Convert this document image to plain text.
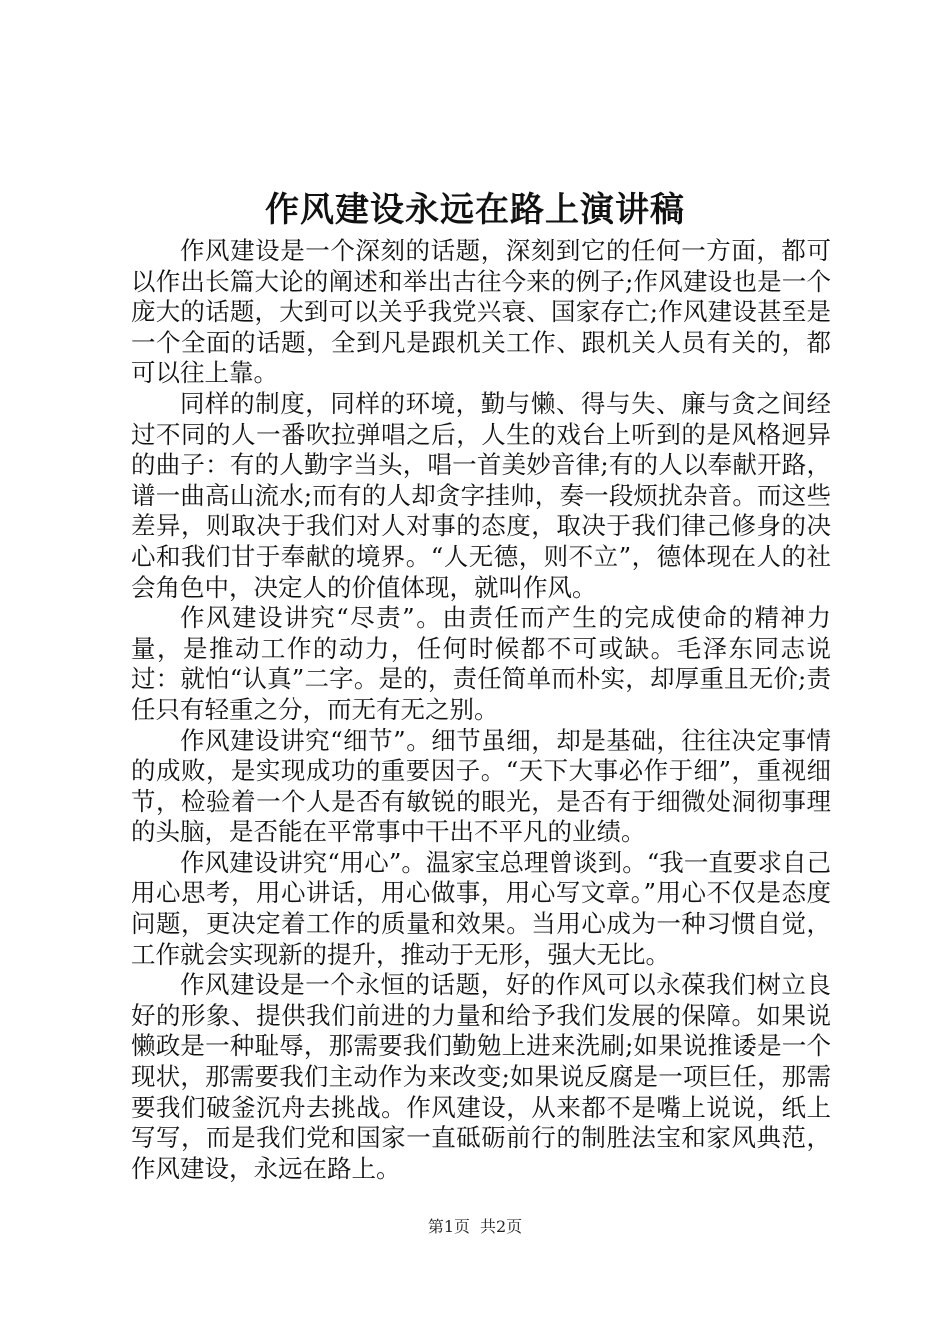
作风建设永远在路上演讲稿

作风建设是一个深刻的话题，深刻到它的任何一方面，都可以作出长篇大论的阐述和举出古往今来的例子;作风建设也是一个庞大的话题，大到可以关乎我党兴衰、国家存亡;作风建设甚至是一个全面的话题，全到凡是跟机关工作、跟机关人员有关的，都可以往上靠。

同样的制度，同样的环境，勤与懒、得与失、廉与贪之间经过不同的人一番吹拉弹唱之后，人生的戏台上听到的是风格迥异的曲子：有的人勤字当头，唱一首美妙音律;有的人以奉献开路，谱一曲高山流水;而有的人却贪字挂帅，奏一段烦扰杂音。而这些差异，则取决于我们对人对事的态度，取决于我们律己修身的决心和我们甘于奉献的境界。“人无德，则不立”，德体现在人的社会角色中，决定人的价值体现，就叫作风。

作风建设讲究“尽责”。由责任而产生的完成使命的精神力量，是推动工作的动力，任何时候都不可或缺。毛泽东同志说过：就怕“认真”二字。是的，责任简单而朴实，却厚重且无价;责任只有轻重之分，而无有无之别。

作风建设讲究“细节”。细节虽细，却是基础，往往决定事情的成败，是实现成功的重要因子。“天下大事必作于细”，重视细节，检验着一个人是否有敏锐的眼光，是否有于细微处洞彻事理的头脑，是否能在平常事中干出不平凡的业绩。

作风建设讲究“用心”。温家宝总理曾谈到。“我一直要求自己用心思考，用心讲话，用心做事，用心写文章。”用心不仅是态度问题，更决定着工作的质量和效果。当用心成为一种习惯自觉，工作就会实现新的提升，推动于无形，强大无比。

作风建设是一个永恒的话题，好的作风可以永葆我们树立良好的形象、提供我们前进的力量和给予我们发展的保障。如果说懒政是一种耻辱，那需要我们勤勉上进来洗刷;如果说推诿是一个现状，那需要我们主动作为来改变;如果说反腐是一项巨任，那需要我们破釜沉舟去挑战。作风建设，从来都不是嘴上说说，纸上写写，而是我们党和国家一直砥砺前行的制胜法宝和家风典范，作风建设，永远在路上。

第1页 共2页
